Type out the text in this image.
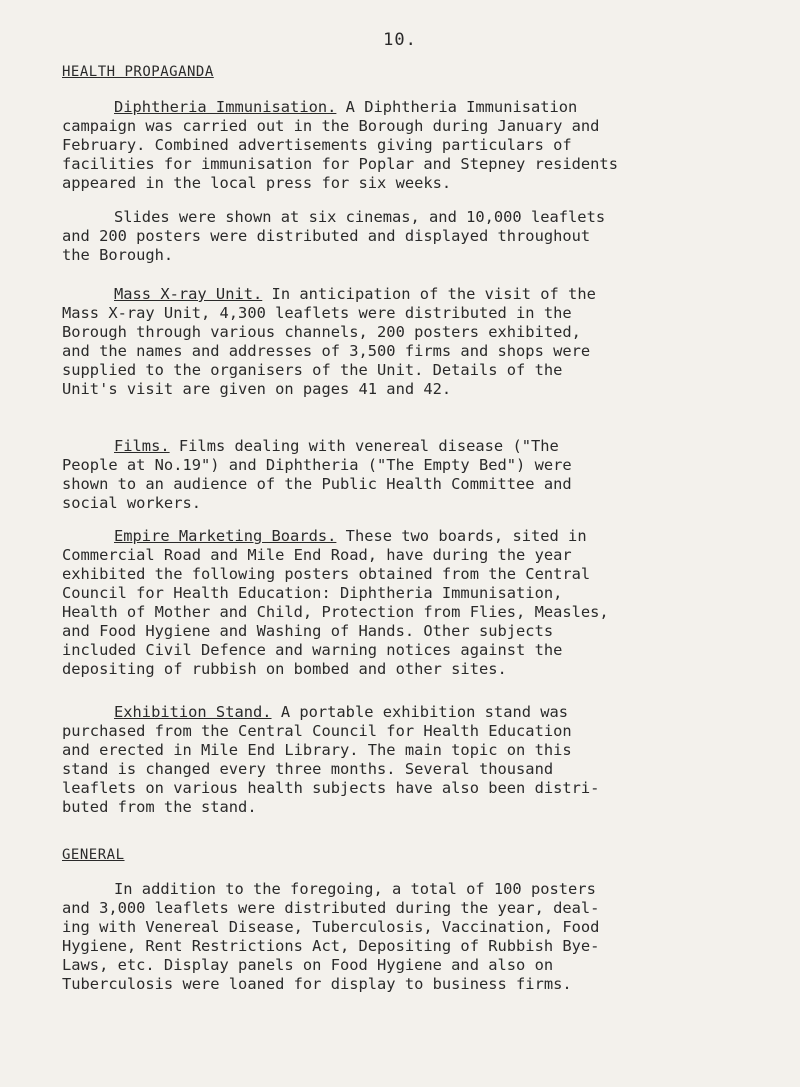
10.
HEALTH PROPAGANDA
Diphtheria Immunisation. A Diphtheria Immunisation
campaign was carried out in the Borough during January and
February. Combined advertisements giving particulars of
facilities for immunisation for Poplar and Stepney residents
appeared in the local press for six weeks.
Slides were shown at six cinemas, and 10,000 leaflets
and 200 posters were distributed and displayed throughout
the Borough.
Mass X-ray Unit. In anticipation of the visit of the
Mass X-ray Unit, 4,300 leaflets were distributed in the
Borough through various channels, 200 posters exhibited,
and the names and addresses of 3,500 firms and shops were
supplied to the organisers of the Unit. Details of the
Unit's visit are given on pages 41 and 42.
Films. Films dealing with venereal disease ("The
People at No.19") and Diphtheria ("The Empty Bed") were
shown to an audience of the Public Health Committee and
social workers.
Empire Marketing Boards. These two boards, sited in
Commercial Road and Mile End Road, have during the year
exhibited the following posters obtained from the Central
Council for Health Education: Diphtheria Immunisation,
Health of Mother and Child, Protection from Flies, Measles,
and Food Hygiene and Washing of Hands. Other subjects
included Civil Defence and warning notices against the
depositing of rubbish on bombed and other sites.
Exhibition Stand. A portable exhibition stand was
purchased from the Central Council for Health Education
and erected in Mile End Library. The main topic on this
stand is changed every three months. Several thousand
leaflets on various health subjects have also been distri-
buted from the stand.
GENERAL
In addition to the foregoing, a total of 100 posters
and 3,000 leaflets were distributed during the year, deal-
ing with Venereal Disease, Tuberculosis, Vaccination, Food
Hygiene, Rent Restrictions Act, Depositing of Rubbish Bye-
Laws, etc. Display panels on Food Hygiene and also on
Tuberculosis were loaned for display to business firms.
